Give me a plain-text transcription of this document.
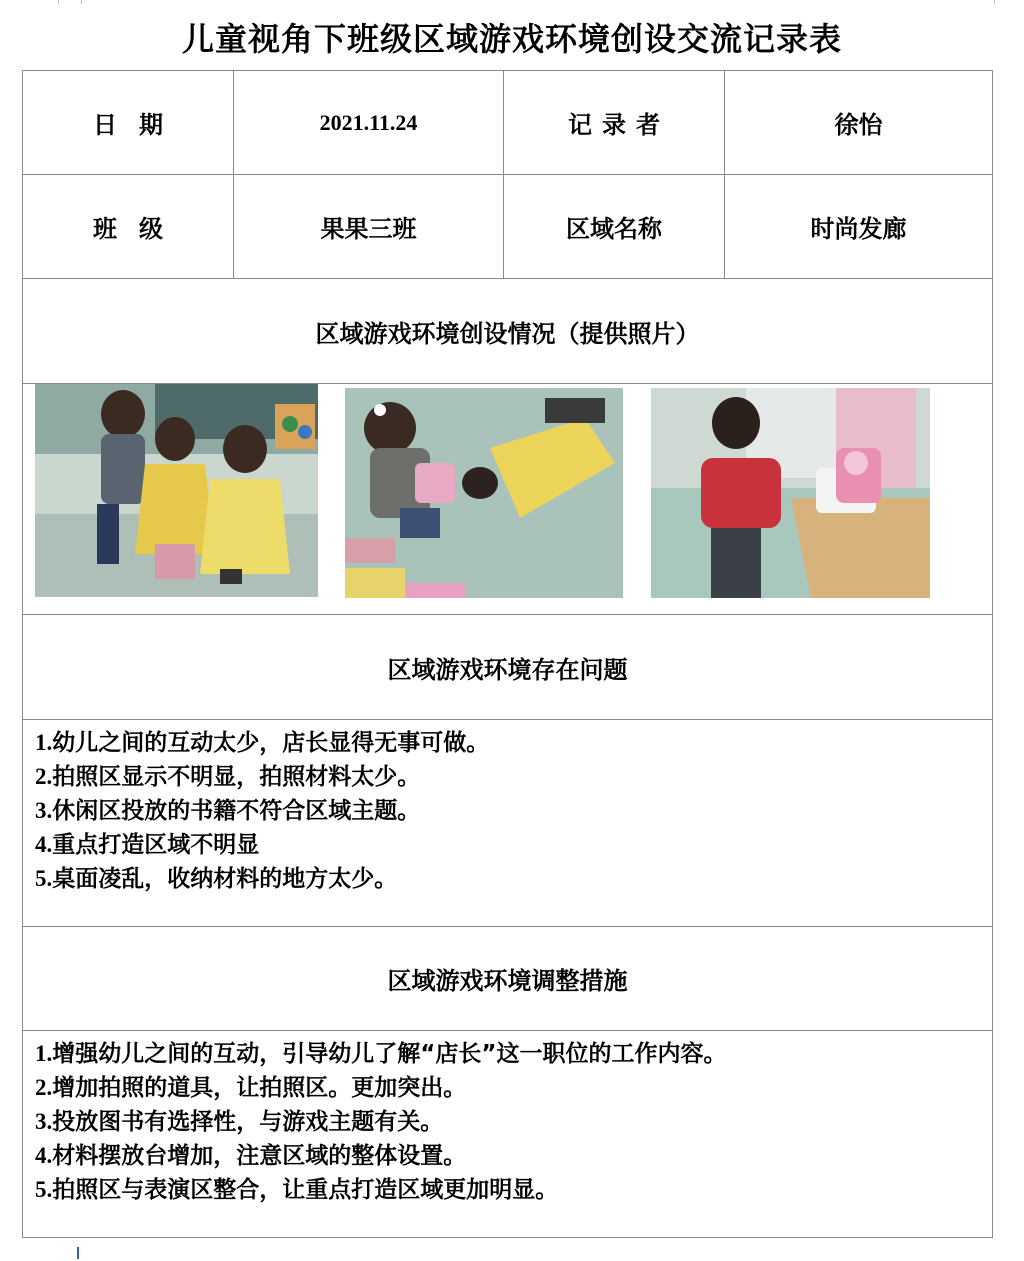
儿童视角下班级区域游戏环境创设交流记录表
日期	2021.11.24	记录者	徐怡
班级	果果三班	区域名称	时尚发廊
区域游戏环境创设情况（提供照片）			

区域游戏环境存在问题			

1.幼儿之间的互动太少，店长显得无事可做。
2.拍照区显示不明显，拍照材料太少。
3.休闲区投放的书籍不符合区域主题。
4.重点打造区域不明显
5.桌面凌乱，收纳材料的地方太少。			

区域游戏环境调整措施			

1.增强幼儿之间的互动，引导幼儿了解“店长”这一职位的工作内容。
2.增加拍照的道具，让拍照区。更加突出。
3.投放图书有选择性，与游戏主题有关。
4.材料摆放台增加，注意区域的整体设置。
5.拍照区与表演区整合，让重点打造区域更加明显。			
